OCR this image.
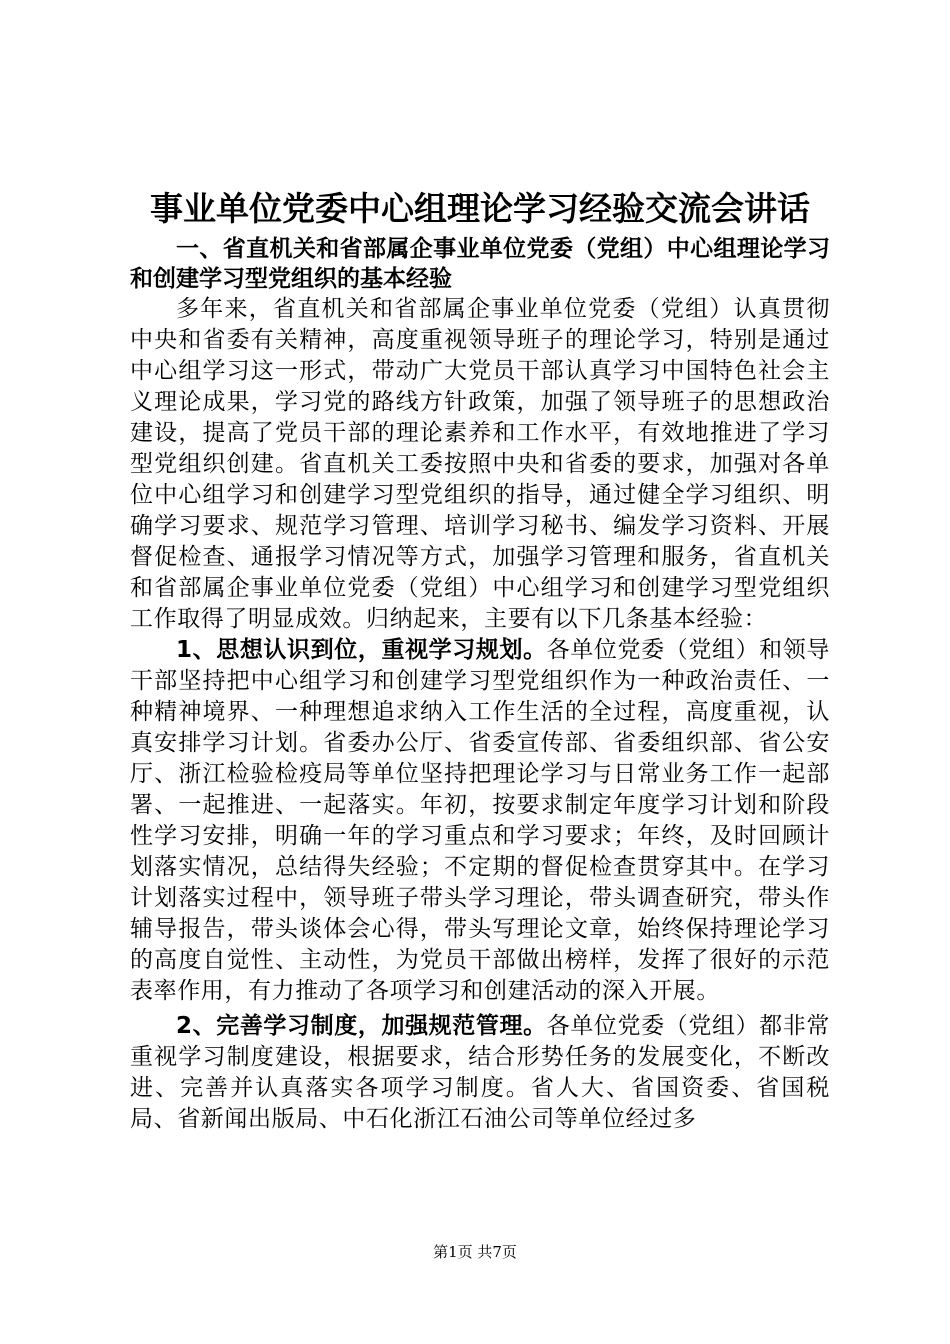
事业单位党委中心组理论学习经验交流会讲话

一、省直机关和省部属企事业单位党委（党组）中心组理论学习和创建学习型党组织的基本经验

多年来，省直机关和省部属企事业单位党委（党组）认真贯彻中央和省委有关精神，高度重视领导班子的理论学习，特别是通过中心组学习这一形式，带动广大党员干部认真学习中国特色社会主义理论成果，学习党的路线方针政策，加强了领导班子的思想政治建设，提高了党员干部的理论素养和工作水平，有效地推进了学习型党组织创建。省直机关工委按照中央和省委的要求，加强对各单位中心组学习和创建学习型党组织的指导，通过健全学习组织、明确学习要求、规范学习管理、培训学习秘书、编发学习资料、开展督促检查、通报学习情况等方式，加强学习管理和服务，省直机关和省部属企事业单位党委（党组）中心组学习和创建学习型党组织工作取得了明显成效。归纳起来，主要有以下几条基本经验：

1、思想认识到位，重视学习规划。各单位党委（党组）和领导干部坚持把中心组学习和创建学习型党组织作为一种政治责任、一种精神境界、一种理想追求纳入工作生活的全过程，高度重视，认真安排学习计划。省委办公厅、省委宣传部、省委组织部、省公安厅、浙江检验检疫局等单位坚持把理论学习与日常业务工作一起部署、一起推进、一起落实。年初，按要求制定年度学习计划和阶段性学习安排，明确一年的学习重点和学习要求；年终，及时回顾计划落实情况，总结得失经验；不定期的督促检查贯穿其中。在学习计划落实过程中，领导班子带头学习理论，带头调查研究，带头作辅导报告，带头谈体会心得，带头写理论文章，始终保持理论学习的高度自觉性、主动性，为党员干部做出榜样，发挥了很好的示范表率作用，有力推动了各项学习和创建活动的深入开展。

2、完善学习制度，加强规范管理。各单位党委（党组）都非常重视学习制度建设，根据要求，结合形势任务的发展变化，不断改进、完善并认真落实各项学习制度。省人大、省国资委、省国税局、省新闻出版局、中石化浙江石油公司等单位经过多

第1页 共7页
